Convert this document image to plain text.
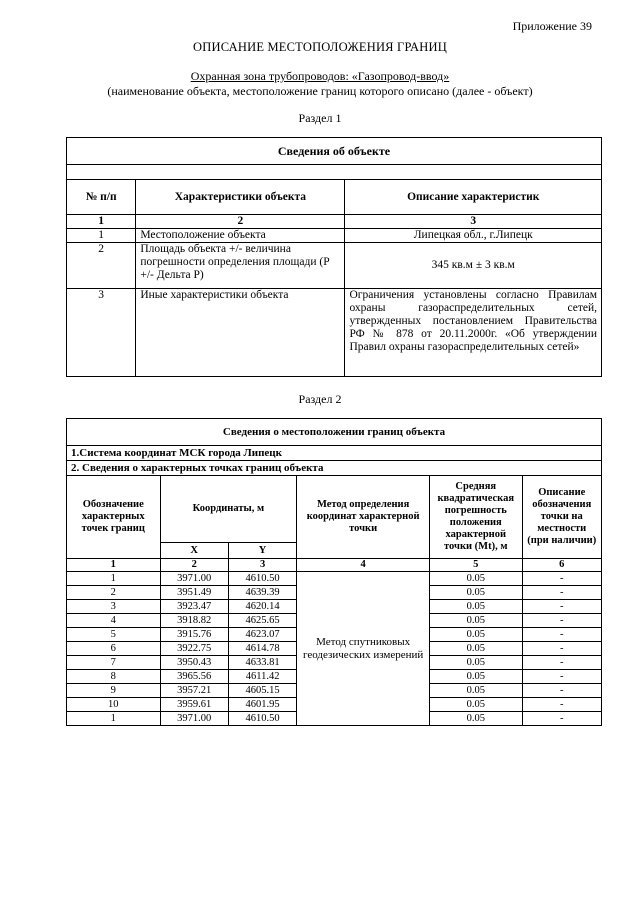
Приложение 39
ОПИСАНИЕ МЕСТОПОЛОЖЕНИЯ ГРАНИЦ
Охранная зона трубопроводов: «Газопровод-ввод»
(наименование объекта, местоположение границ которого описано (далее - объект)
Раздел 1
Сведения об объекте		

№ п/п	Характеристики объекта	Описание характеристик
1	2	3
1	Местоположение объекта	Липецкая обл., г.Липецк
2	Площадь объекта +/- величина погрешности определения площади (Р +/- Дельта Р)	345 кв.м ± 3 кв.м
3	Иные характеристики объекта	Ограничения установлены согласно Правилам охраны газораспределительных сетей, утвержденных постановлением Правительства РФ № 878 от 20.11.2000г. «Об утверждении Правил охраны газораспределительных сетей»
Раздел 2
Сведения о местоположении границ объекта					
1.Система координат МСК города Липецк					
2. Сведения о характерных точках границ объекта					
Обозначение характерных точек границ	Координаты, м		Метод определения координат характерной точки	Средняя квадратическая погрешность положения характерной точки (Mt), м	Описание обозначения точки на местности (при наличии)
	X	Y			
1	2	3	4	5	6
1	3971.00	4610.50	Метод спутниковых геодезических измерений	0.05	-
2	3951.49	4639.39		0.05	-
3	3923.47	4620.14		0.05	-
4	3918.82	4625.65		0.05	-
5	3915.76	4623.07		0.05	-
6	3922.75	4614.78		0.05	-
7	3950.43	4633.81		0.05	-
8	3965.56	4611.42		0.05	-
9	3957.21	4605.15		0.05	-
10	3959.61	4601.95		0.05	-
1	3971.00	4610.50		0.05	-
